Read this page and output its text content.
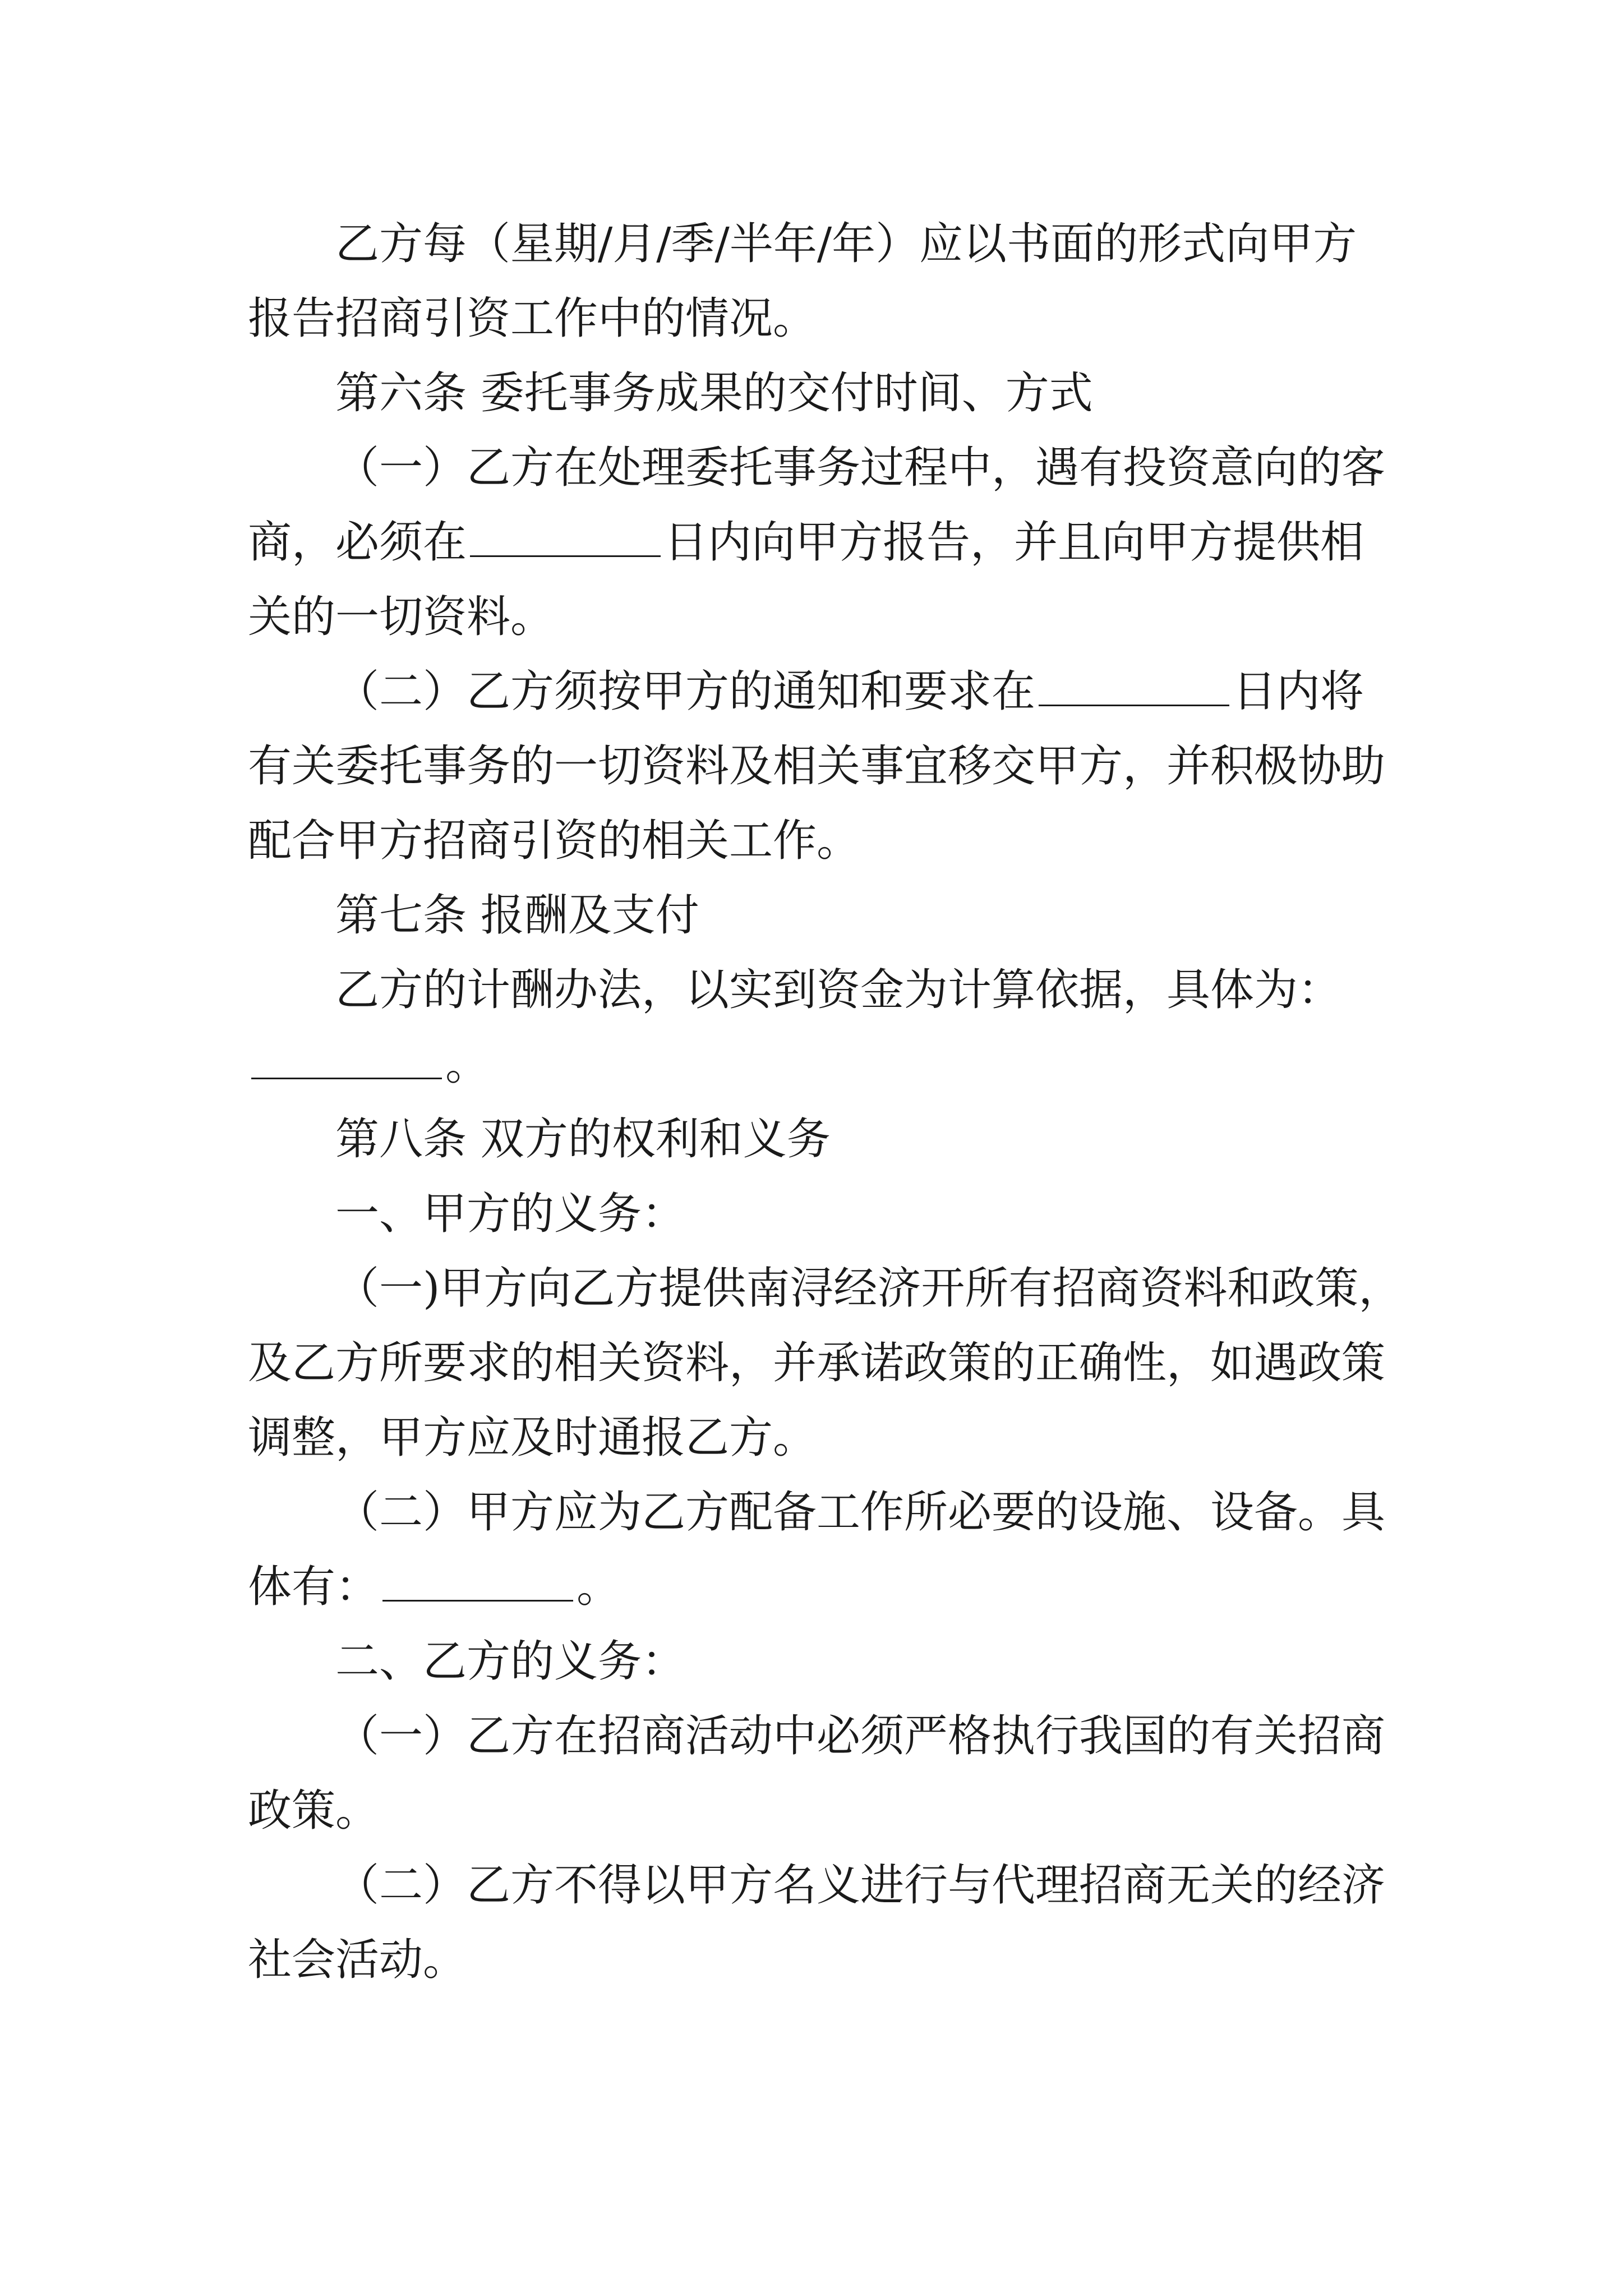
乙方每（星期/月/季/半年/年）应以书面的形式向甲方
报告招商引资工作中的情况。
第六条 委托事务成果的交付时间、方式
（一）乙方在处理委托事务过程中，遇有投资意向的客
商，必须在	日内向甲方报告，并且向甲方提供相
关的一切资料。
（二）乙方须按甲方的通知和要求在	日内将
有关委托事务的一切资料及相关事宜移交甲方，并积极协助
配合甲方招商引资的相关工作。
第七条 报酬及支付
乙方的计酬办法，以实到资金为计算依据，具体为：
。
第八条 双方的权利和义务
一、甲方的义务：
（一)甲方向乙方提供南浔经济开所有招商资料和政策，
及乙方所要求的相关资料，并承诺政策的正确性，如遇政策
调整，甲方应及时通报乙方。
（二）甲方应为乙方配备工作所必要的设施、设备。具
体有：	。
二、乙方的义务：
（一）乙方在招商活动中必须严格执行我国的有关招商
政策。
（二）乙方不得以甲方名义进行与代理招商无关的经济
社会活动。
